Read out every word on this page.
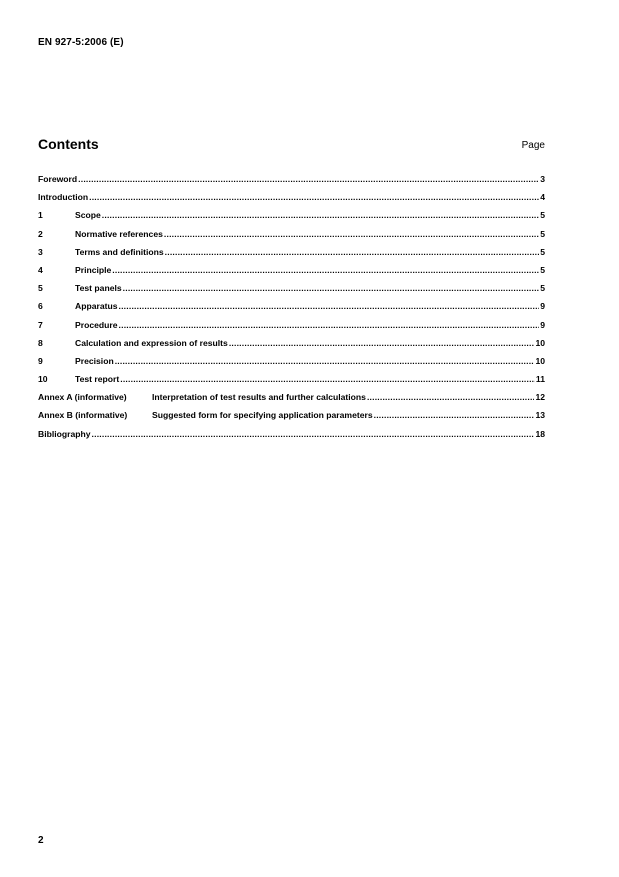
EN 927-5:2006 (E)
Contents	Page
Foreword .....	3
Introduction .....	4
1	Scope .....	5
2	Normative references .....	5
3	Terms and definitions .....	5
4	Principle .....	5
5	Test panels .....	5
6	Apparatus .....	9
7	Procedure .....	9
8	Calculation and expression of results .....	10
9	Precision .....	10
10	Test report .....	11
Annex A (informative)	Interpretation of test results and further calculations .....	12
Annex B (informative)	Suggested form for specifying application parameters .....	13
Bibliography .....	18
2
